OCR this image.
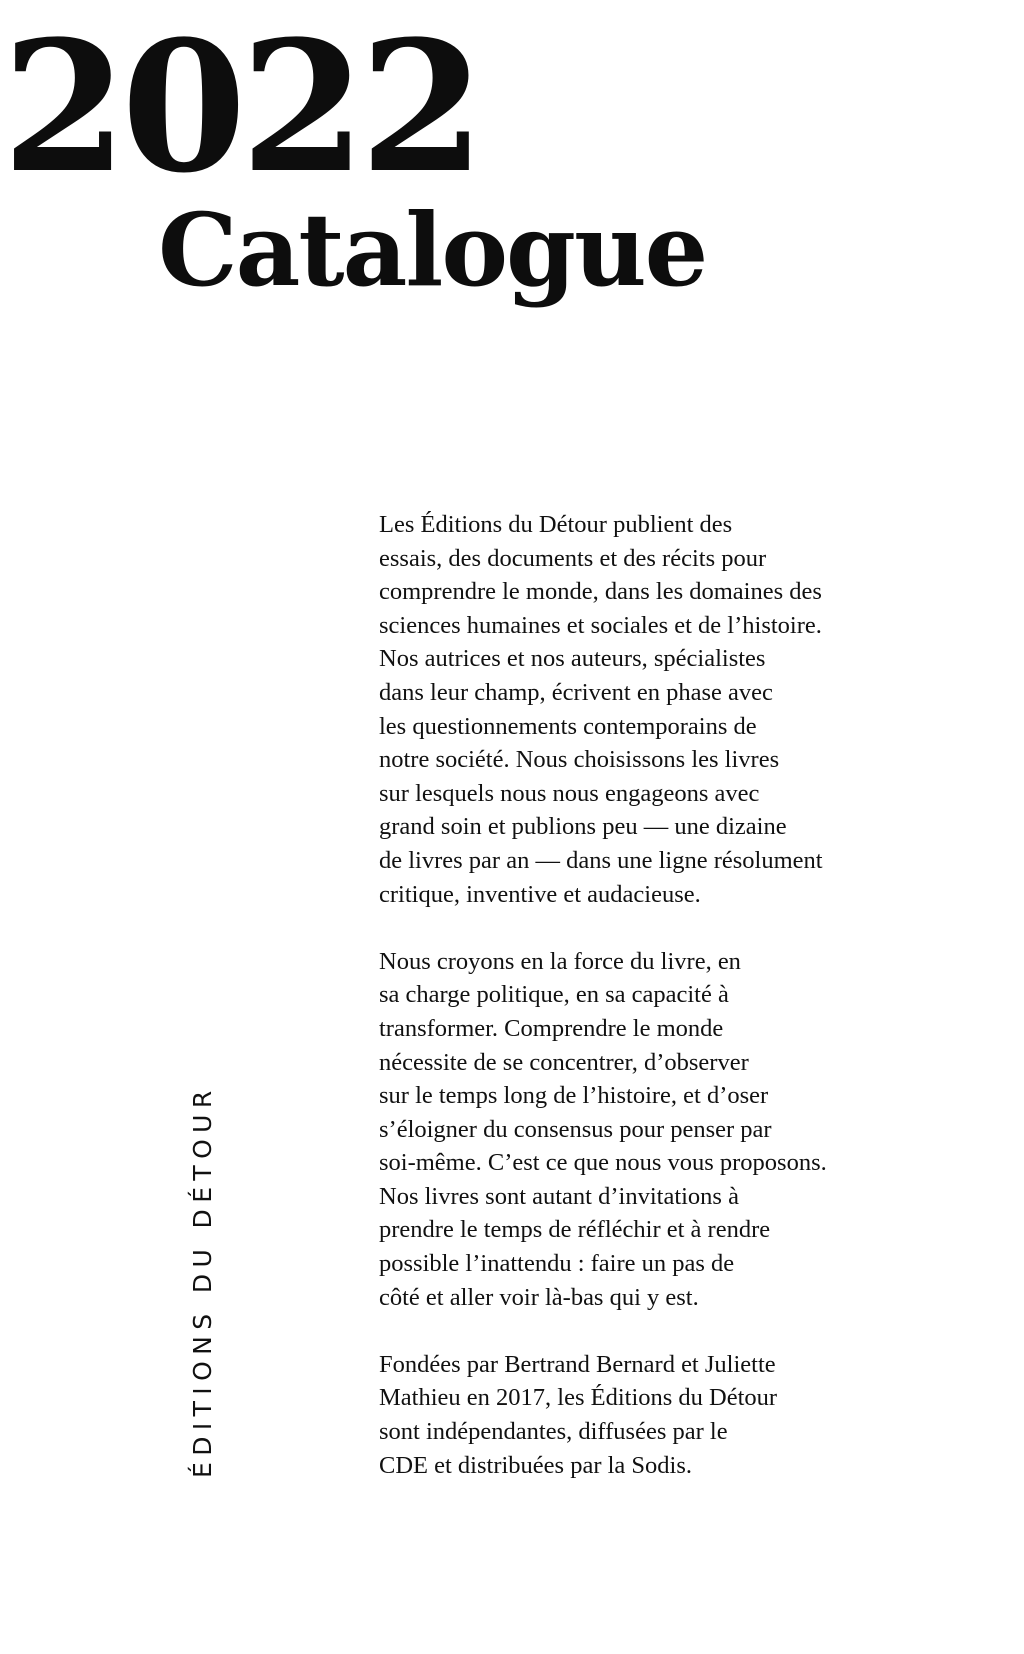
2022
Catalogue
ÉDITIONS DU DÉTOUR

Les Éditions du Détour publient des
essais, des documents et des récits pour
comprendre le monde, dans les domaines des
sciences humaines et sociales et de l’histoire.
Nos autrices et nos auteurs, spécialistes
dans leur champ, écrivent en phase avec
les questionnements contemporains de
notre société. Nous choisissons les livres
sur lesquels nous nous engageons avec
grand soin et publions peu — une dizaine
de livres par an — dans une ligne résolument
critique, inventive et audacieuse.

Nous croyons en la force du livre, en
sa charge politique, en sa capacité à
transformer. Comprendre le monde
nécessite de se concentrer, d’observer
sur le temps long de l’histoire, et d’oser
s’éloigner du consensus pour penser par
soi-même. C’est ce que nous vous proposons.
Nos livres sont autant d’invitations à
prendre le temps de réfléchir et à rendre
possible l’inattendu : faire un pas de
côté et aller voir là-bas qui y est.

Fondées par Bertrand Bernard et Juliette
Mathieu en 2017, les Éditions du Détour
sont indépendantes, diffusées par le
CDE et distribuées par la Sodis.
